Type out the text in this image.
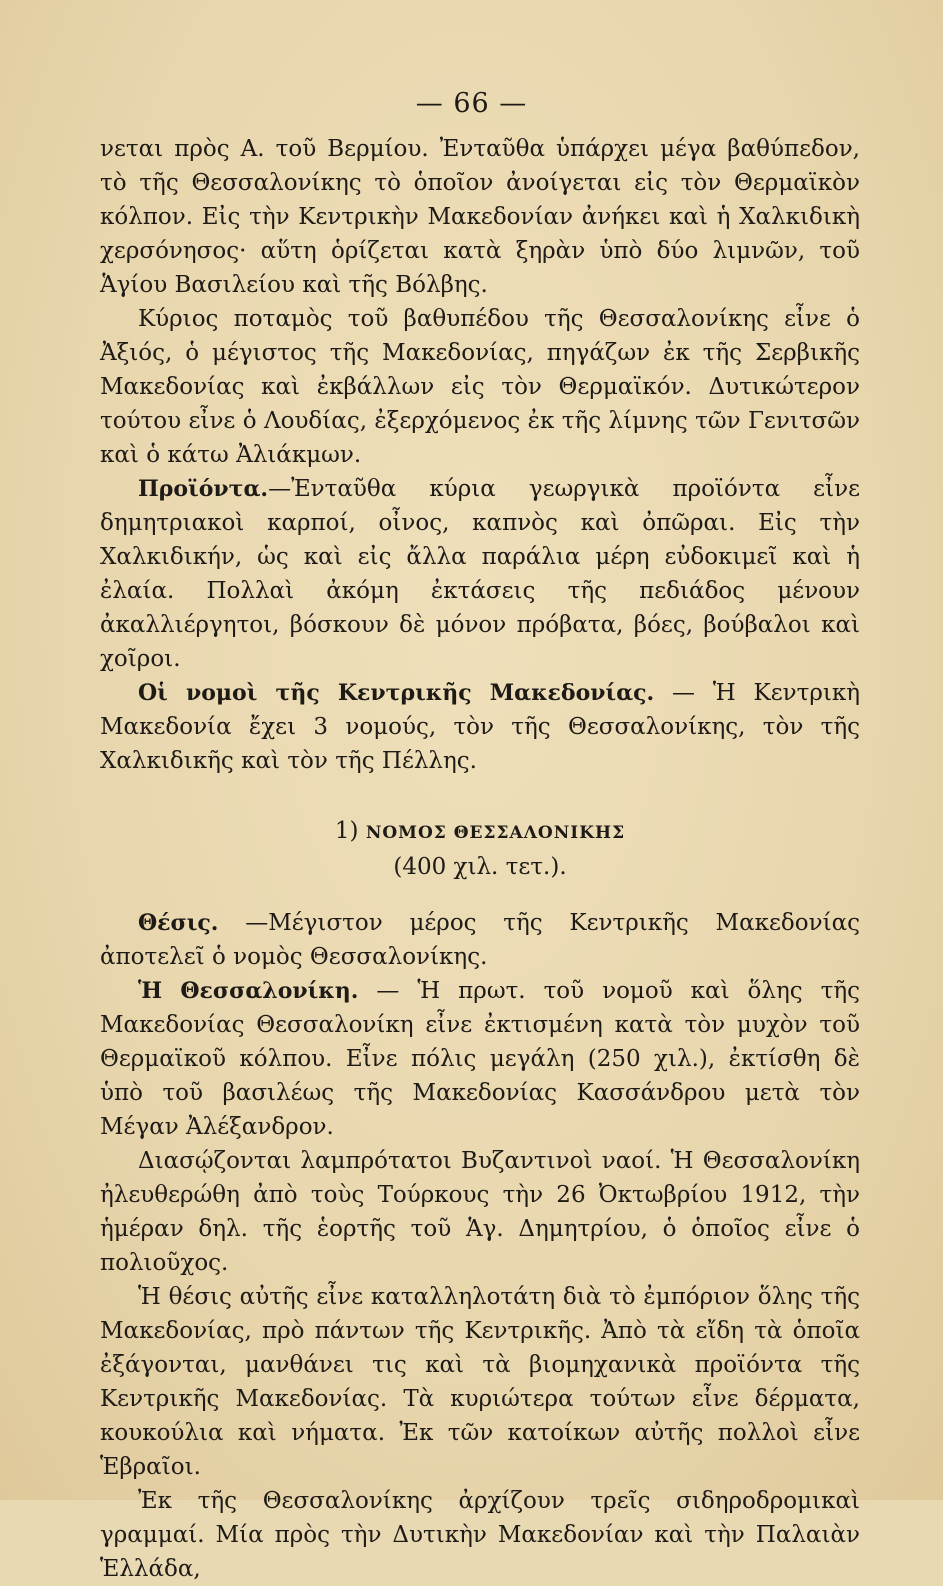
— 66 —

νεται πρὸς Α. τοῦ Βερμίου. Ἐνταῦθα ὑπάρχει μέγα βαθύπεδον, τὸ τῆς Θεσσαλονίκης τὸ ὁποῖον ἀνοίγεται εἰς τὸν Θερμαϊκὸν κόλπον. Εἰς τὴν Κεντρικὴν Μακεδονίαν ἀνήκει καὶ ἡ Χαλκιδικὴ χερσόνησος· αὕτη ὁρίζεται κατὰ ξηρὰν ὑπὸ δύο λιμνῶν, τοῦ Ἁγίου Βασιλείου καὶ τῆς Βόλβης.

Κύριος ποταμὸς τοῦ βαθυπέδου τῆς Θεσσαλονίκης εἶνε ὁ Ἀξιός, ὁ μέγιστος τῆς Μακεδονίας, πηγάζων ἐκ τῆς Σερβικῆς Μακεδονίας καὶ ἐκβάλλων εἰς τὸν Θερμαϊκόν. Δυτικώτερον τούτου εἶνε ὁ Λουδίας, ἐξερχόμενος ἐκ τῆς λίμνης τῶν Γενιτσῶν καὶ ὁ κάτω Ἀλιάκμων.

Προϊόντα.—Ἐνταῦθα κύρια γεωργικὰ προϊόντα εἶνε δημητριακοὶ καρποί, οἶνος, καπνὸς καὶ ὀπῶραι. Εἰς τὴν Χαλκιδικήν, ὡς καὶ εἰς ἄλλα παράλια μέρη εὐδοκιμεῖ καὶ ἡ ἐλαία. Πολλαὶ ἀκόμη ἐκτάσεις τῆς πεδιάδος μένουν ἀκαλλιέργητοι, βόσκουν δὲ μόνον πρόβατα, βόες, βούβαλοι καὶ χοῖροι.

Οἱ νομοὶ τῆς Κεντρικῆς Μακεδονίας. — Ἡ Κεντρικὴ Μακεδονία ἔχει 3 νομούς, τὸν τῆς Θεσσαλονίκης, τὸν τῆς Χαλκιδικῆς καὶ τὸν τῆς Πέλλης.

1) ΝΟΜΟΣ ΘΕΣΣΑΛΟΝΙΚΗΣ

(400 χιλ. τετ.).

Θέσις. —Μέγιστον μέρος τῆς Κεντρικῆς Μακεδονίας ἀποτελεῖ ὁ νομὸς Θεσσαλονίκης.

Ἡ Θεσσαλονίκη. — Ἡ πρωτ. τοῦ νομοῦ καὶ ὅλης τῆς Μακεδονίας Θεσσαλονίκη εἶνε ἐκτισμένη κατὰ τὸν μυχὸν τοῦ Θερμαϊκοῦ κόλπου. Εἶνε πόλις μεγάλη (250 χιλ.), ἐκτίσθη δὲ ὑπὸ τοῦ βασιλέως τῆς Μακεδονίας Κασσάνδρου μετὰ τὸν Μέγαν Ἀλέξανδρον.

Διασῴζονται λαμπρότατοι Βυζαντινοὶ ναοί. Ἡ Θεσσαλονίκη ἠλευθερώθη ἀπὸ τοὺς Τούρκους τὴν 26 Ὀκτωβρίου 1912, τὴν ἡμέραν δηλ. τῆς ἑορτῆς τοῦ Ἁγ. Δημητρίου, ὁ ὁποῖος εἶνε ὁ πολιοῦχος.

Ἡ θέσις αὐτῆς εἶνε καταλληλοτάτη διὰ τὸ ἐμπόριον ὅλης τῆς Μακεδονίας, πρὸ πάντων τῆς Κεντρικῆς. Ἀπὸ τὰ εἴδη τὰ ὁποῖα ἐξάγονται, μανθάνει τις καὶ τὰ βιομηχανικὰ προϊόντα τῆς Κεντρικῆς Μακεδονίας. Τὰ κυριώτερα τούτων εἶνε δέρματα, κουκούλια καὶ νήματα. Ἐκ τῶν κατοίκων αὐτῆς πολλοὶ εἶνε Ἑβραῖοι.

Ἐκ τῆς Θεσσαλονίκης ἀρχίζουν τρεῖς σιδηροδρομικαὶ γραμμαί. Μία πρὸς τὴν Δυτικὴν Μακεδονίαν καὶ τὴν Παλαιὰν Ἑλλάδα,
